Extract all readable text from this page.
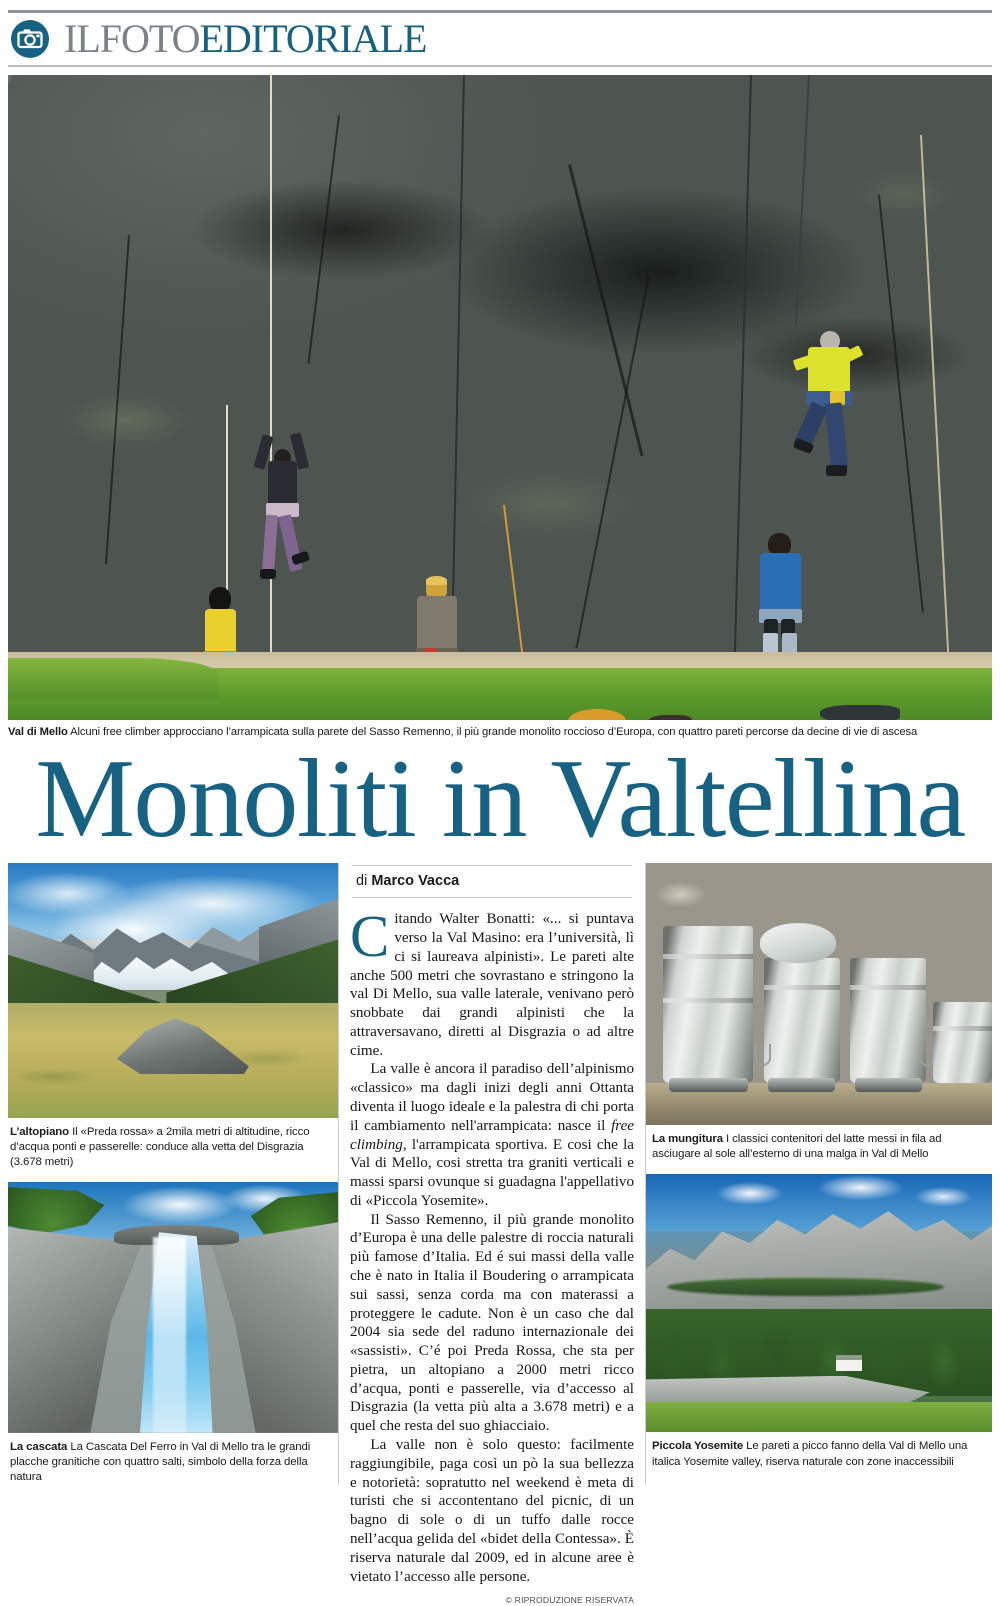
ILFOTOEDITORIALE
Val di Mello Alcuni free climber approcciano l’arrampicata sulla parete del Sasso Remenno, il più grande monolito roccioso d’Europa, con quattro pareti percorse da decine di vie di ascesa
Monoliti in Valtellina
L’altopiano Il «Preda rossa» a 2mila metri di altitudine, ricco d’acqua ponti e passerelle: conduce alla vetta del Disgrazia (3.678 metri)
La cascata La Cascata Del Ferro in Val di Mello tra le grandi placche granitiche con quattro salti, simbolo della forza della natura
di Marco Vacca

Citando Walter Bonatti: «... si puntava verso la Val Masino: era l’università, lì ci si laureava alpinisti». Le pareti alte anche 500 metri che sovrastano e stringono la val Di Mello, sua valle laterale, venivano però snobbate dai grandi alpinisti che la attraversavano, diretti al Disgrazia o ad altre cime.

La valle è ancora il paradiso dell’alpinismo «classico» ma dagli inizi degli anni Ottanta diventa il luogo ideale e la palestra di chi porta il cambiamento nell'arrampicata: nasce il free climbing, l'arrampicata sportiva. E cosi che la Val di Mello, cosi stretta tra graniti verticali e massi sparsi ovunque si guadagna l'appellativo di «Piccola Yosemite».

Il Sasso Remenno, il più grande monolito d’Europa è una delle palestre di roccia naturali più famose d’Italia. Ed é sui massi della valle che è nato in Italia il Boudering o arrampicata sui sassi, senza corda ma con materassi a proteggere le cadute. Non è un caso che dal 2004 sia sede del raduno internazionale dei «sassisti». C’é poi Preda Rossa, che sta per pietra, un altopiano a 2000 metri ricco d’acqua, ponti e passerelle, via d’accesso al Disgrazia (la vetta più alta a 3.678 metri) e a quel che resta del suo ghiacciaio.

La valle non è solo questo: facilmente raggiungibile, paga così un pò la sua bellezza e notorietà: sopratutto nel weekend è meta di turisti che si accontentano del picnic, di un bagno di sole o di un tuffo dalle rocce nell’acqua gelida del «bidet della Contessa». È riserva naturale dal 2009, ed in alcune aree è vietato l’accesso alle persone.

© RIPRODUZIONE RISERVATA
La mungitura I classici contenitori del latte messi in fila ad asciugare al sole all’esterno di una malga in Val di Mello
Piccola Yosemite Le pareti a picco fanno della Val di Mello una italica Yosemite valley, riserva naturale con zone inaccessibili
